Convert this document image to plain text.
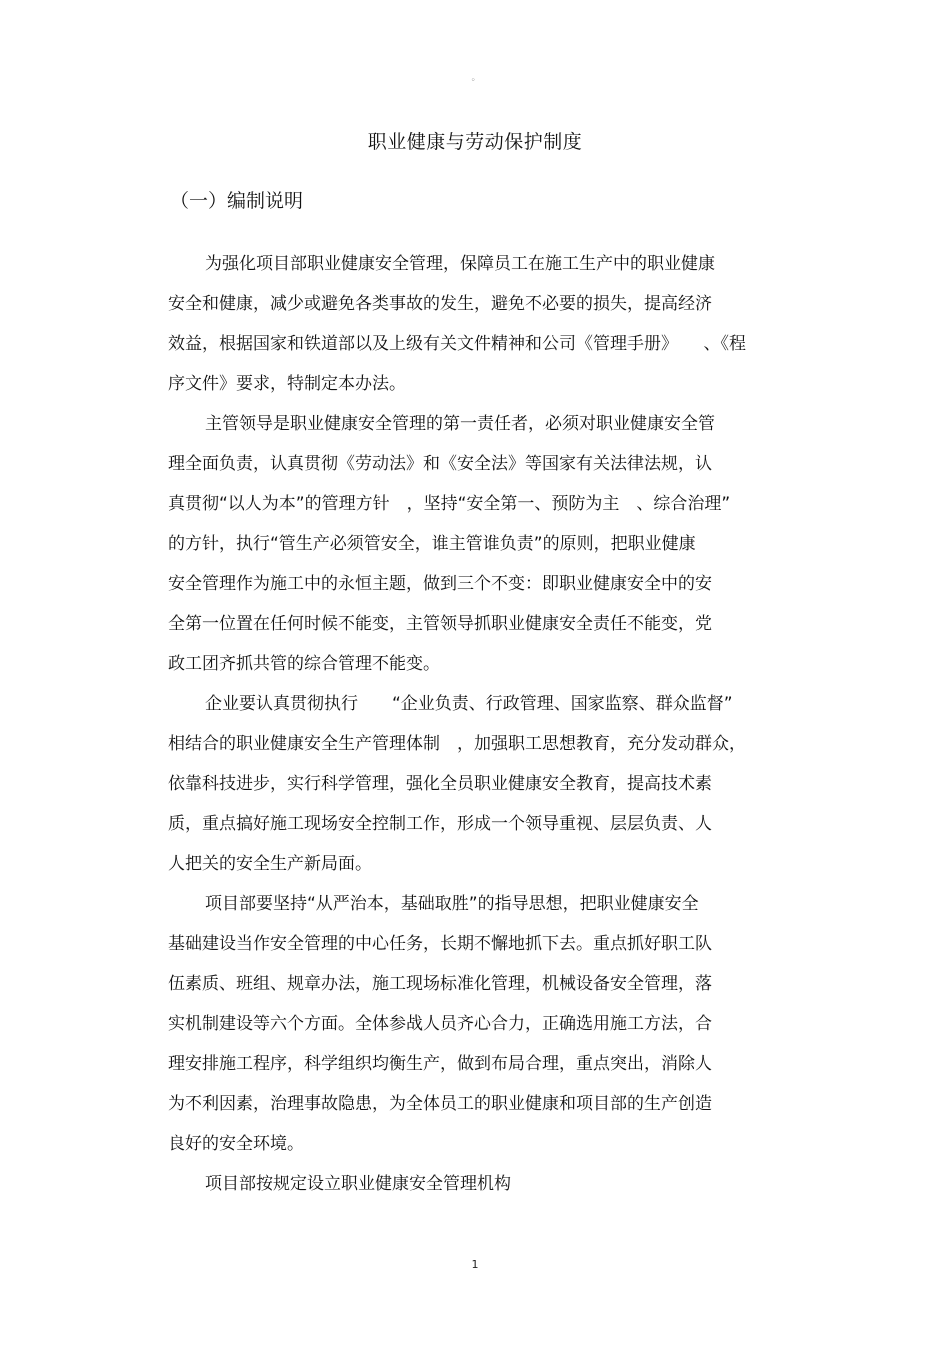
。
职业健康与劳动保护制度
（一）编制说明
为强化项目部职业健康安全管理，保障员工在施工生产中的职业健康
安全和健康，减少或避免各类事故的发生，避免不必要的损失，提高经济
效益，根据国家和铁道部以及上级有关文件精神和公司《管理手册》　　、《程
序文件》要求，特制定本办法。
主管领导是职业健康安全管理的第一责任者，必须对职业健康安全管
理全面负责，认真贯彻《劳动法》和《安全法》等国家有关法律法规，认
真贯彻“以人为本”的管理方针　，坚持“安全第一、预防为主　、综合治理”
的方针，执行“管生产必须管安全，谁主管谁负责”的原则，把职业健康
安全管理作为施工中的永恒主题，做到三个不变：即职业健康安全中的安
全第一位置在任何时候不能变，主管领导抓职业健康安全责任不能变，党
政工团齐抓共管的综合管理不能变。
企业要认真贯彻执行　　“企业负责、行政管理、国家监察、群众监督”
相结合的职业健康安全生产管理体制　，加强职工思想教育，充分发动群众，
依靠科技进步，实行科学管理，强化全员职业健康安全教育，提高技术素
质，重点搞好施工现场安全控制工作，形成一个领导重视、层层负责、人
人把关的安全生产新局面。
项目部要坚持“从严治本，基础取胜”的指导思想，把职业健康安全
基础建设当作安全管理的中心任务，长期不懈地抓下去。重点抓好职工队
伍素质、班组、规章办法，施工现场标准化管理，机械设备安全管理，落
实机制建设等六个方面。全体参战人员齐心合力，正确选用施工方法，合
理安排施工程序，科学组织均衡生产，做到布局合理，重点突出，消除人
为不利因素，治理事故隐患，为全体员工的职业健康和项目部的生产创造
良好的安全环境。
项目部按规定设立职业健康安全管理机构
1
